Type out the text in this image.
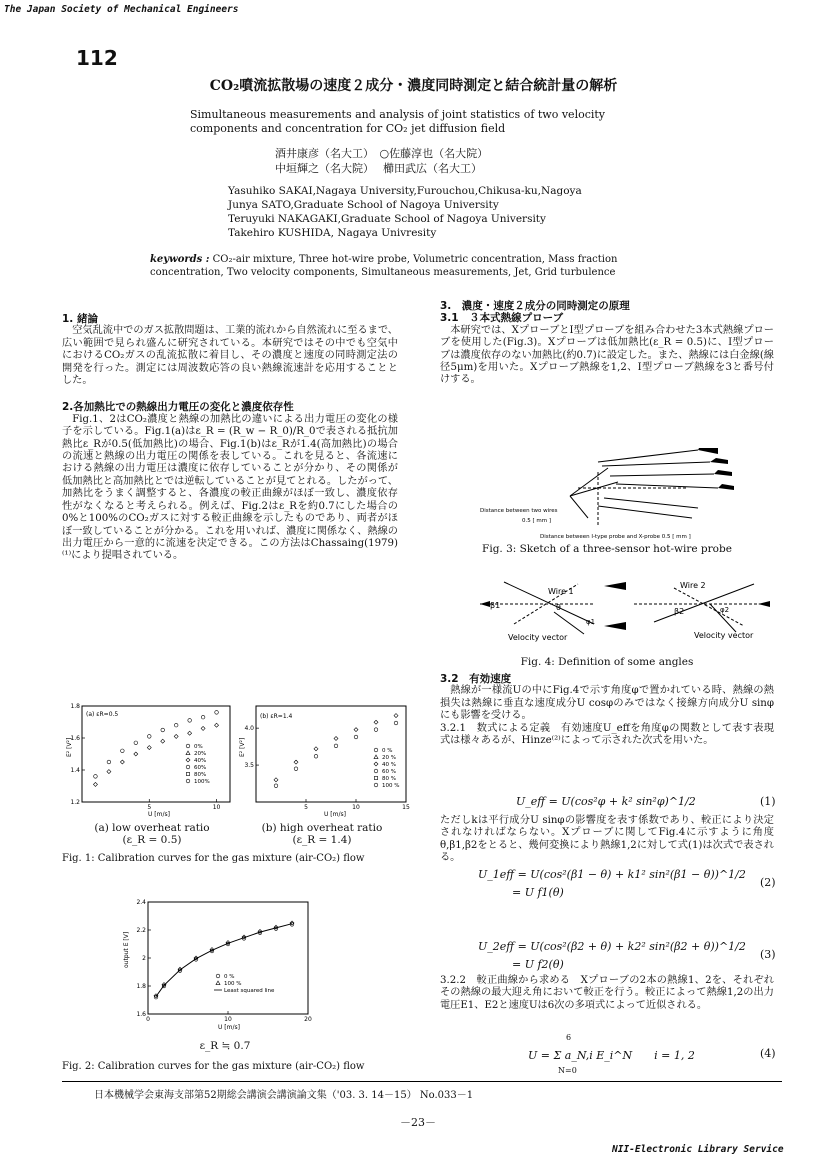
The Japan Society of Mechanical Engineers
112
CO₂噴流拡散場の速度２成分・濃度同時測定と結合統計量の解析
Simultaneous measurements and analysis of joint statistics of two velocity
components and concentration for CO₂ jet diffusion field
酒井康彦（名大工）　○佐藤淳也（名大院）
中垣輝之（名大院）　 櫛田武広（名大工）
Yasuhiko SAKAI,Nagaya University,Furouchou,Chikusa-ku,Nagoya
Junya SATO,Graduate School of Nagoya University
Teruyuki NAKAGAKI,Graduate School of Nagoya University
Takehiro KUSHIDA, Nagaya Univresity
keywords : CO₂-air mixture, Three hot-wire probe, Volumetric concentration, Mass fraction
concentration, Two velocity components, Simultaneous measurements, Jet, Grid turbulence
1. 緒論

空気乱流中でのガス拡散問題は、工業的流れから自然流れに至るまで、広い範囲で見られ盛んに研究されている。本研究ではその中でも空気中におけるCO₂ガスの乱流拡散に着目し、その濃度と速度の同時測定法の開発を行った。測定には周波数応答の良い熱線流速計を応用することとした。

2.各加熱比での熱線出力電圧の変化と濃度依存性

Fig.1、2はCO₂濃度と熱線の加熱比の違いによる出力電圧の変化の様子を示している。Fig.1(a)はε_R = (R_w − R_0)/R_0で表される抵抗加熱比ε_Rが0.5(低加熱比)の場合、Fig.1(b)はε_Rが1.4(高加熱比)の場合の流速と熱線の出力電圧の関係を表している。これを見ると、各流速における熱線の出力電圧は濃度に依存していることが分かり、その関係が低加熱比と高加熱比とでは逆転していることが見てとれる。したがって、加熱比をうまく調整すると、各濃度の較正曲線がほぼ一致し、濃度依存性がなくなると考えられる。例えば、Fig.2はε_Rを約0.7にした場合の0%と100%のCO₂ガスに対する較正曲線を示したものであり、両者がほぼ一致していることが分かる。これを用いれば、濃度に関係なく、熱線の出力電圧から一意的に流速を決定できる。この方法はChassaing(1979)⁽¹⁾により提唱されている。

(a) εR=0.5
E² [V²]
1.8
1.6
1.4
1.2
5	10
0%
20%
40%
60%
80%
100%
U [m/s]
(b) εR=1.4
E² [V²]
4.0
3.5
5	10	15
0 %
20 %
40 %
60 %
80 %
100 %
U [m/s]
(a) low overheat ratio
(ε_R = 0.5)
(b) high overheat ratio
(ε_R = 1.4)
Fig. 1: Calibration curves for the gas mixture (air-CO₂) flow
output E [V]
2.4
2.2
2
1.8
1.6
0	10	20
0 %
100 %
Least squared line
U [m/s]
ε_R ≒ 0.7
Fig. 2: Calibration curves for the gas mixture (air-CO₂) flow
3.　濃度・速度２成分の同時測定の原理
3.1　３本式熱線プローブ

本研究では、XプローブとI型プローブを組み合わせた3本式熱線プローブを使用した(Fig.3)。Xプローブは低加熱比(ε_R = 0.5)に、I型プローブは濃度依存のない加熱比(約0.7)に設定した。また、熱線には白金線(線径5μm)を用いた。Xプローブ熱線を1,2、I型プローブ熱線を3と番号付けする。

Distance between two wires
0.5 [ mm ]
Distance between I-type probe and X-probe 0.5 [ mm ]
Fig. 3: Sketch of a three-sensor hot-wire probe
Wire 1
Wire 2
β1	θ
φ1
β2	φ2
Velocity vector	Velocity vector
Fig. 4: Definition of some angles
3.2　有効速度

熱線が一様流Uの中にFig.4で示す角度φで置かれている時、熱線の熱損失は熱線に垂直な速度成分U cosφのみではなく接線方向成分U sinφにも影響を受ける。

3.2.1　数式による定義　有効速度U_effを角度φの関数として表す表現式は様々あるが、Hinze⁽²⁾によって示された次式を用いた。

U_eff = U(cos²φ + k² sin²φ)^1/2	(1)

ただしkは平行成分U sinφの影響度を表す係数であり、較正により決定されなければならない。Xプローブに関してFig.4に示すように角度θ,β1,β2をとると、幾何変換により熱線1,2に対して式(1)は次式で表される。

U_1eff = U(cos²(β1 − θ) + k1² sin²(β1 − θ))^1/2
= U f1(θ)
(2)
U_2eff = U(cos²(β2 + θ) + k2² sin²(β2 + θ))^1/2
= U f2(θ)
(3)

3.2.2　較正曲線から求める　Xプローブの2本の熱線1、2を、それぞれその熱線の最大迎え角において較正を行う。較正によって熱線1,2の出力電圧E1、E2と速度Uは6次の多項式によって近似される。

6
U = Σ a_N,i E_i^N　　i = 1, 2
N=0
(4)
日本機械学会東海支部第52期総会講演会講演論文集（'03. 3. 14－15） No.033－1
－23－
NII-Electronic Library Service
